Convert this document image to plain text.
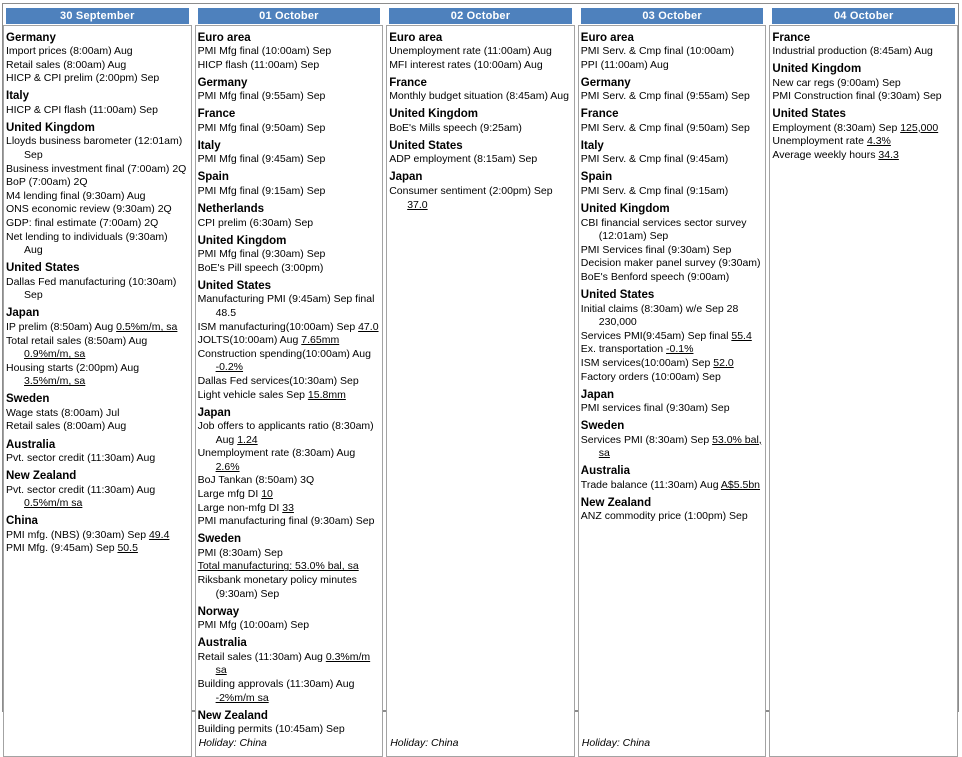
30 September
Germany
Import prices (8:00am) Aug
Retail sales (8:00am) Aug
HICP & CPI prelim (2:00pm) Sep
Italy
HICP & CPI flash (11:00am) Sep
United Kingdom
Lloyds business barometer (12:01am) Sep
Business investment final (7:00am) 2Q
BoP (7:00am) 2Q
M4 lending final (9:30am) Aug
ONS economic review (9:30am) 2Q
GDP: final estimate (7:00am) 2Q
Net lending to individuals (9:30am) Aug
United States
Dallas Fed manufacturing (10:30am) Sep
Japan
IP prelim (8:50am) Aug 0.5%m/m, sa
Total retail sales (8:50am) Aug 0.9%m/m, sa
Housing starts (2:00pm) Aug 3.5%m/m, sa
Sweden
Wage stats (8:00am) Jul
Retail sales (8:00am) Aug
Australia
Pvt. sector credit (11:30am) Aug
New Zealand
Pvt. sector credit (11:30am) Aug 0.5%m/m sa
China
PMI mfg. (NBS) (9:30am) Sep 49.4
PMI Mfg. (9:45am) Sep 50.5
01 October
Euro area
PMI Mfg final (10:00am) Sep
HICP flash (11:00am) Sep
Germany
PMI Mfg final (9:55am) Sep
France
PMI Mfg final (9:50am) Sep
Italy
PMI Mfg final (9:45am) Sep
Spain
PMI Mfg final (9:15am) Sep
Netherlands
CPI prelim (6:30am) Sep
United Kingdom
PMI Mfg final (9:30am) Sep
BoE's Pill speech (3:00pm)
United States
Manufacturing PMI (9:45am) Sep final 48.5
ISM manufacturing(10:00am) Sep 47.0
JOLTS(10:00am) Aug 7.65mm
Construction spending(10:00am) Aug -0.2%
Dallas Fed services(10:30am) Sep
Light vehicle sales Sep 15.8mm
Japan
Job offers to applicants ratio (8:30am) Aug 1.24
Unemployment rate (8:30am) Aug 2.6%
BoJ Tankan (8:50am) 3Q
Large mfg DI 10
Large non-mfg DI 33
PMI manufacturing final (9:30am) Sep
Sweden
PMI (8:30am) Sep
Total manufacturing: 53.0% bal, sa
Riksbank monetary policy minutes (9:30am) Sep
Norway
PMI Mfg (10:00am) Sep
Australia
Retail sales (11:30am) Aug 0.3%m/m sa
Building approvals (11:30am) Aug -2%m/m sa
New Zealand
Building permits (10:45am) Sep
Holiday: China
02 October
Euro area
Unemployment rate (11:00am) Aug
MFI interest rates (10:00am) Aug
France
Monthly budget situation (8:45am) Aug
United Kingdom
BoE's Mills speech (9:25am)
United States
ADP employment (8:15am) Sep
Japan
Consumer sentiment (2:00pm) Sep 37.0
Holiday: China
03 October
Euro area
PMI Serv. & Cmp final (10:00am)
PPI (11:00am) Aug
Germany
PMI Serv. & Cmp final (9:55am) Sep
France
PMI Serv. & Cmp final (9:50am) Sep
Italy
PMI Serv. & Cmp final (9:45am)
Spain
PMI Serv. & Cmp final (9:15am)
United Kingdom
CBI financial services sector survey (12:01am) Sep
PMI Services final (9:30am) Sep
Decision maker panel survey (9:30am)
BoE's Benford speech (9:00am)
United States
Initial claims (8:30am) w/e Sep 28 230,000
Services PMI(9:45am) Sep final 55.4
Ex. transportation -0.1%
ISM services(10:00am) Sep 52.0
Factory orders (10:00am) Sep
Japan
PMI services final (9:30am) Sep
Sweden
Services PMI (8:30am) Sep 53.0% bal, sa
Australia
Trade balance (11:30am) Aug A$5.5bn
New Zealand
ANZ commodity price (1:00pm) Sep
Holiday: China
04 October
France
Industrial production (8:45am) Aug
United Kingdom
New car regs (9:00am) Sep
PMI Construction final (9:30am) Sep
United States
Employment (8:30am) Sep 125,000
Unemployment rate 4.3%
Average weekly hours 34.3
